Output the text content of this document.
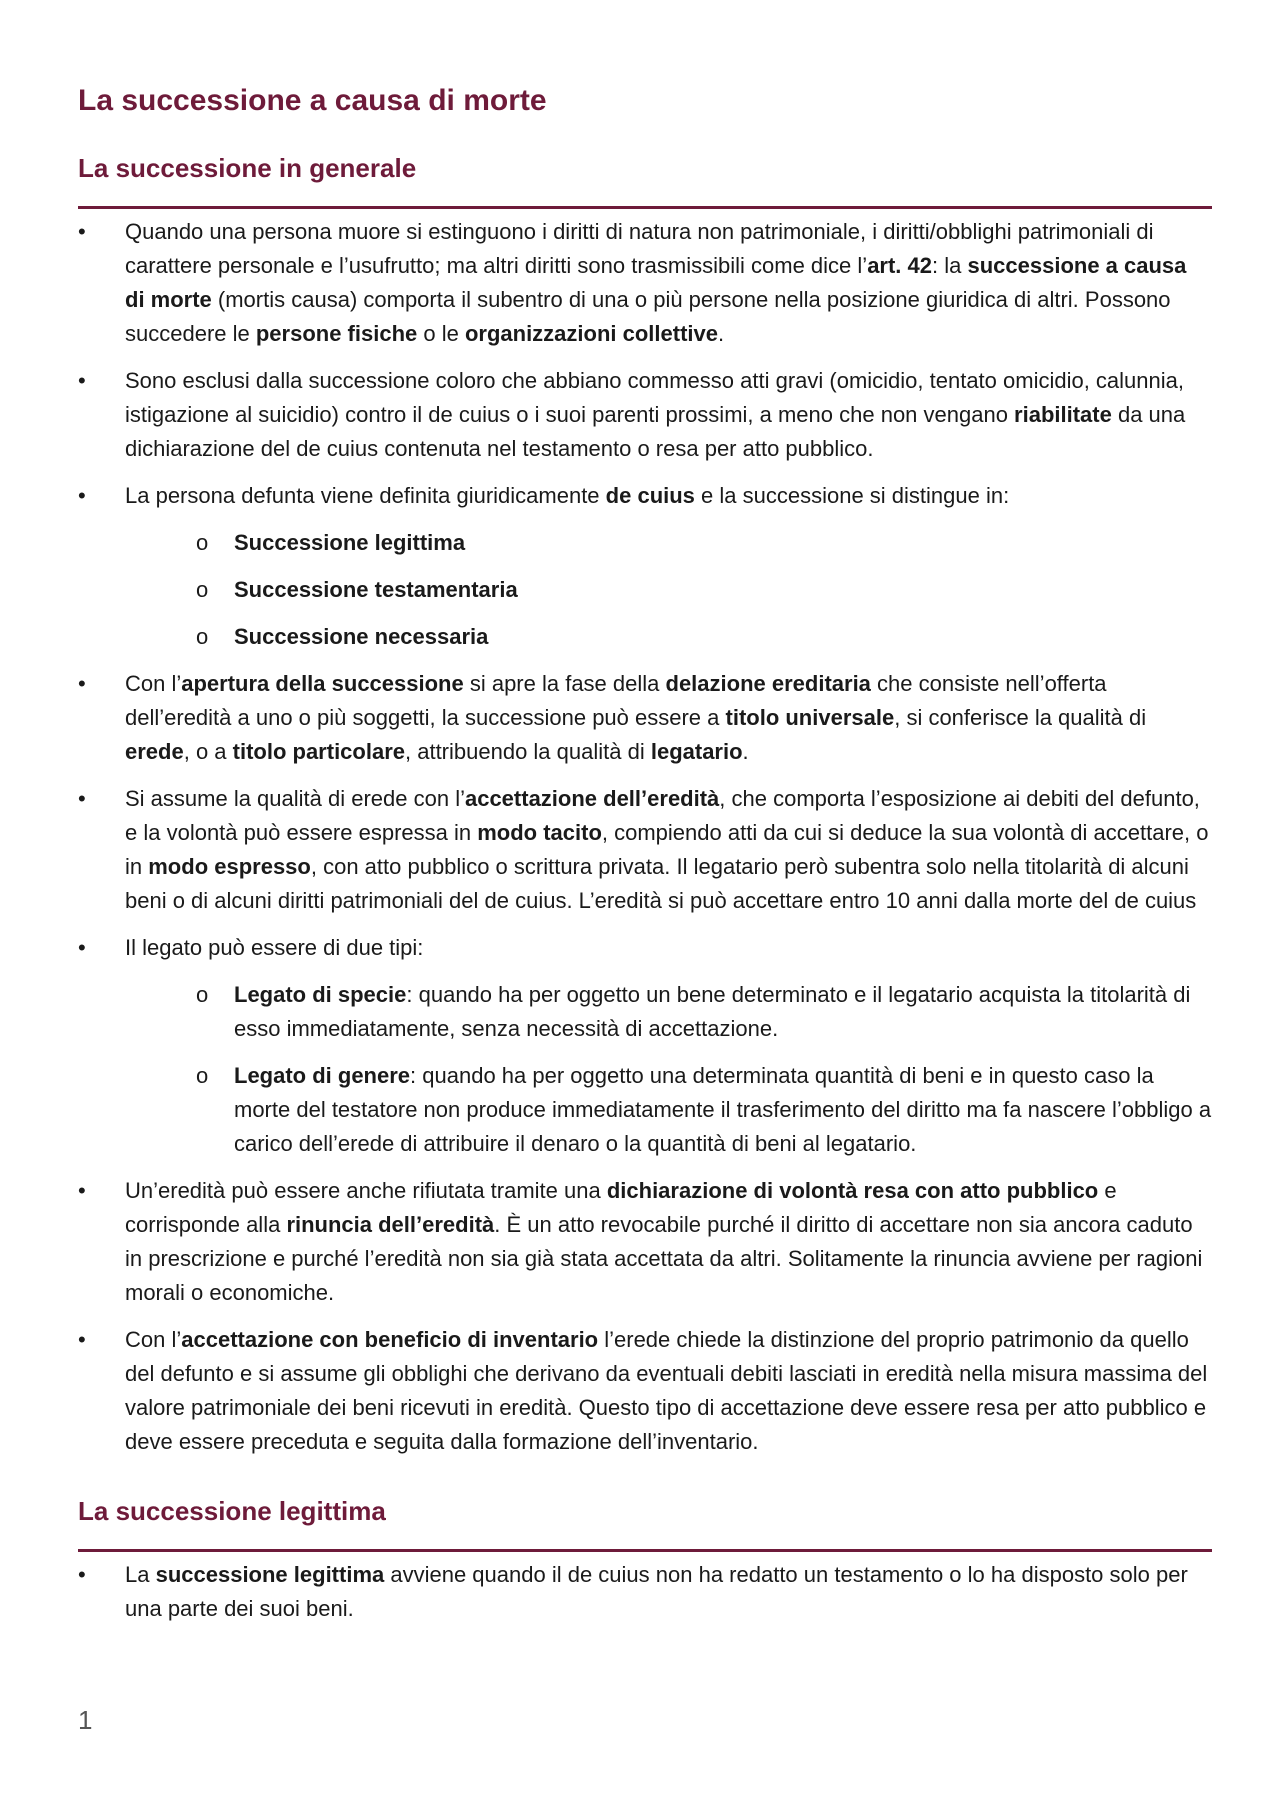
La successione a causa di morte
La successione in generale
• Quando una persona muore si estinguono i diritti di natura non patrimoniale, i diritti/obblighi patrimoniali di carattere personale e l’usufrutto; ma altri diritti sono trasmissibili come dice l’art. 42: la successione a causa di morte (mortis causa) comporta il subentro di una o più persone nella posizione giuridica di altri. Possono succedere le persone fisiche o le organizzazioni collettive.
• Sono esclusi dalla successione coloro che abbiano commesso atti gravi (omicidio, tentato omicidio, calunnia, istigazione al suicidio) contro il de cuius o i suoi parenti prossimi, a meno che non vengano riabilitate da una dichiarazione del de cuius contenuta nel testamento o resa per atto pubblico.
• La persona defunta viene definita giuridicamente de cuius e la successione si distingue in:
o Successione legittima
o Successione testamentaria
o Successione necessaria
• Con l’apertura della successione si apre la fase della delazione ereditaria che consiste nell’offerta dell’eredità a uno o più soggetti, la successione può essere a titolo universale, si conferisce la qualità di erede, o a titolo particolare, attribuendo la qualità di legatario.
• Si assume la qualità di erede con l’accettazione dell’eredità, che comporta l’esposizione ai debiti del defunto, e la volontà può essere espressa in modo tacito, compiendo atti da cui si deduce la sua volontà di accettare, o in modo espresso, con atto pubblico o scrittura privata. Il legatario però subentra solo nella titolarità di alcuni beni o di alcuni diritti patrimoniali del de cuius. L’eredità si può accettare entro 10 anni dalla morte del de cuius
• Il legato può essere di due tipi:
o Legato di specie: quando ha per oggetto un bene determinato e il legatario acquista la titolarità di esso immediatamente, senza necessità di accettazione.
o Legato di genere: quando ha per oggetto una determinata quantità di beni e in questo caso la morte del testatore non produce immediatamente il trasferimento del diritto ma fa nascere l’obbligo a carico dell’erede di attribuire il denaro o la quantità di beni al legatario.
• Un’eredità può essere anche rifiutata tramite una dichiarazione di volontà resa con atto pubblico e corrisponde alla rinuncia dell’eredità. È un atto revocabile purché il diritto di accettare non sia ancora caduto in prescrizione e purché l’eredità non sia già stata accettata da altri. Solitamente la rinuncia avviene per ragioni morali o economiche.
• Con l’accettazione con beneficio di inventario l’erede chiede la distinzione del proprio patrimonio da quello del defunto e si assume gli obblighi che derivano da eventuali debiti lasciati in eredità nella misura massima del valore patrimoniale dei beni ricevuti in eredità. Questo tipo di accettazione deve essere resa per atto pubblico e deve essere preceduta e seguita dalla formazione dell’inventario.
La successione legittima
• La successione legittima avviene quando il de cuius non ha redatto un testamento o lo ha disposto solo per una parte dei suoi beni.
1
